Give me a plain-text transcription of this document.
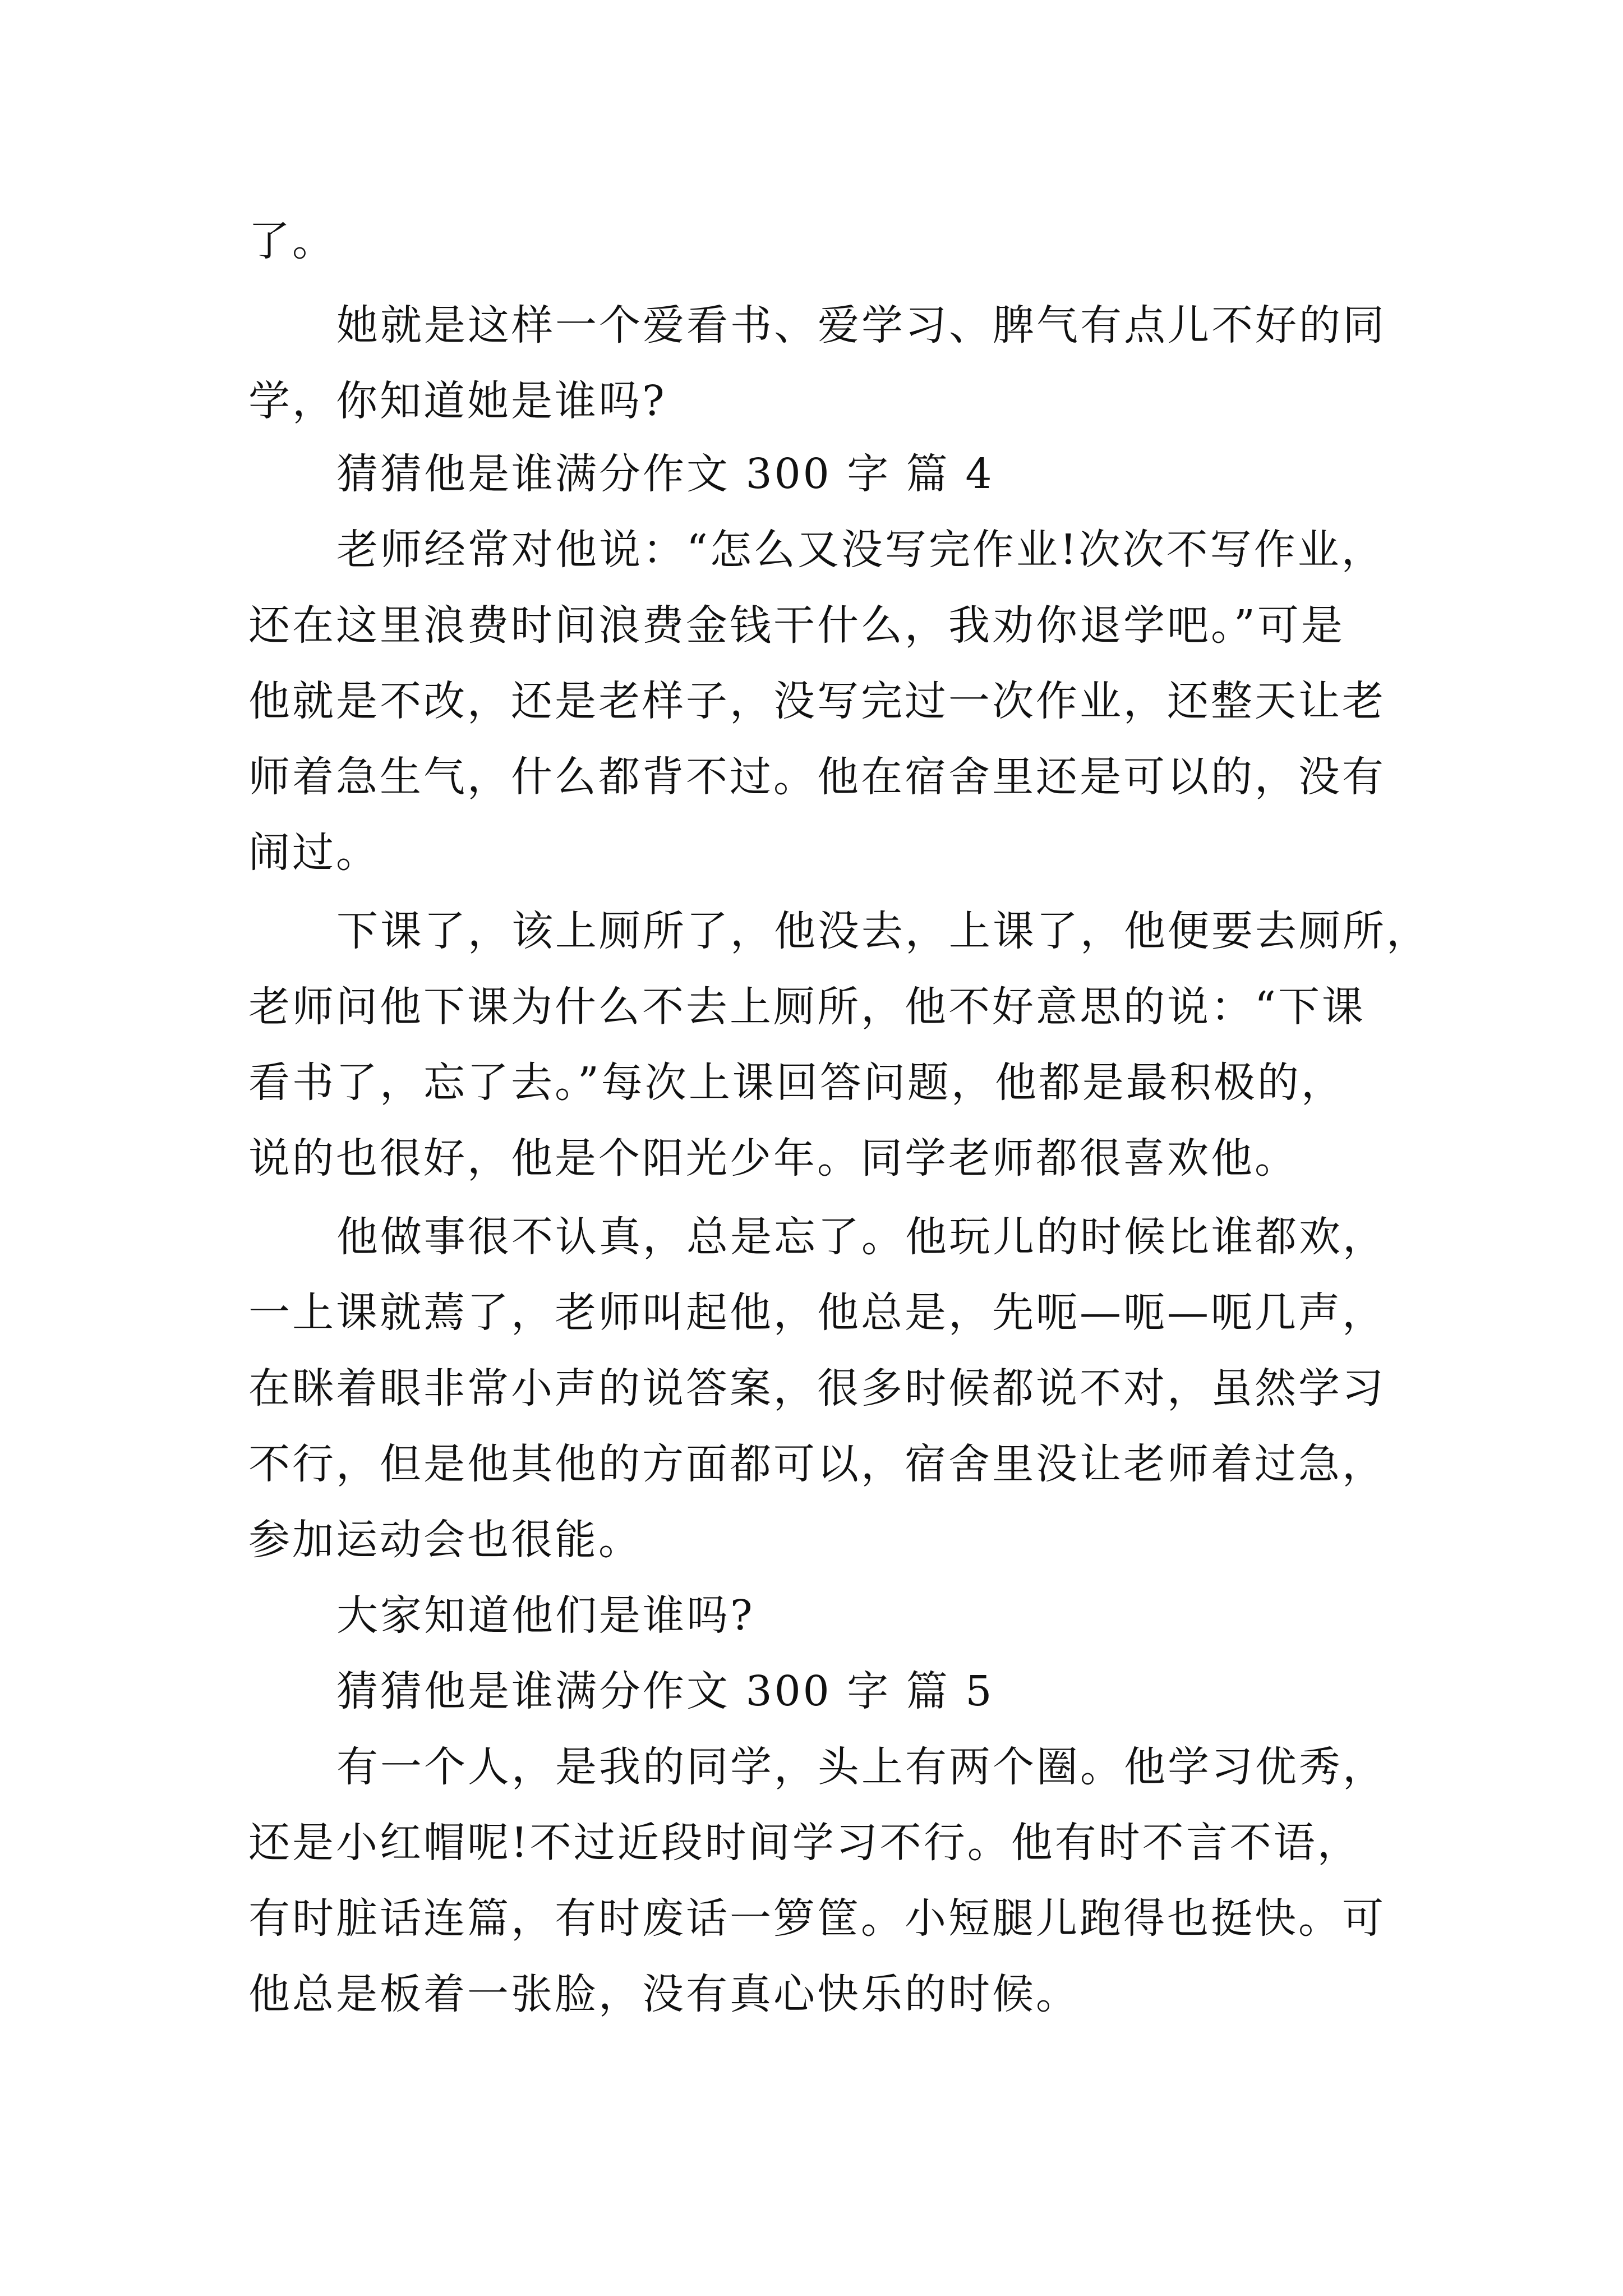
了。
她就是这样一个爱看书、爱学习、脾气有点儿不好的同
学，你知道她是谁吗?
猜猜他是谁满分作文 300 字 篇 4
老师经常对他说：“怎么又没写完作业!次次不写作业，
还在这里浪费时间浪费金钱干什么，我劝你退学吧。”可是
他就是不改，还是老样子，没写完过一次作业，还整天让老
师着急生气，什么都背不过。他在宿舍里还是可以的，没有
闹过。
下课了，该上厕所了，他没去，上课了，他便要去厕所，
老师问他下课为什么不去上厕所，他不好意思的说：“下课
看书了，忘了去。”每次上课回答问题，他都是最积极的，
说的也很好，他是个阳光少年。同学老师都很喜欢他。
他做事很不认真，总是忘了。他玩儿的时候比谁都欢，
一上课就蔫了，老师叫起他，他总是，先呃—呃—呃几声，
在眯着眼非常小声的说答案，很多时候都说不对，虽然学习
不行，但是他其他的方面都可以，宿舍里没让老师着过急，
参加运动会也很能。
大家知道他们是谁吗?
猜猜他是谁满分作文 300 字 篇 5
有一个人，是我的同学，头上有两个圈。他学习优秀，
还是小红帽呢!不过近段时间学习不行。他有时不言不语，
有时脏话连篇，有时废话一箩筐。小短腿儿跑得也挺快。可
他总是板着一张脸，没有真心快乐的时候。
